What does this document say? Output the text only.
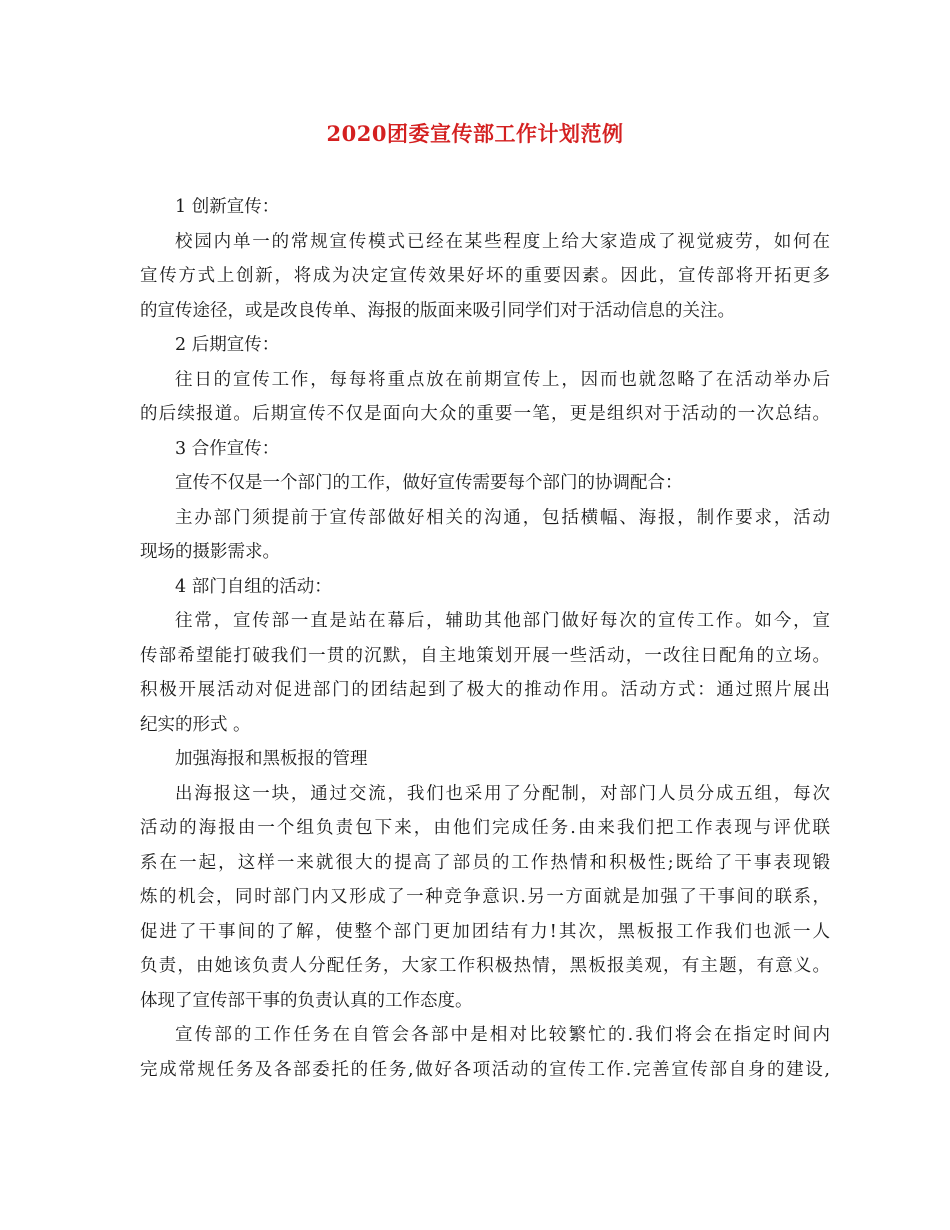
2020团委宣传部工作计划范例
1 创新宣传：
校园内单一的常规宣传模式已经在某些程度上给大家造成了视觉疲劳，如何在
宣传方式上创新，将成为决定宣传效果好坏的重要因素。因此，宣传部将开拓更多
的宣传途径，或是改良传单、海报的版面来吸引同学们对于活动信息的关注。
2 后期宣传：
往日的宣传工作，每每将重点放在前期宣传上，因而也就忽略了在活动举办后
的后续报道。后期宣传不仅是面向大众的重要一笔，更是组织对于活动的一次总结。
3 合作宣传：
宣传不仅是一个部门的工作，做好宣传需要每个部门的协调配合：
主办部门须提前于宣传部做好相关的沟通，包括横幅、海报，制作要求，活动
现场的摄影需求。
4 部门自组的活动：
往常，宣传部一直是站在幕后，辅助其他部门做好每次的宣传工作。如今，宣
传部希望能打破我们一贯的沉默，自主地策划开展一些活动，一改往日配角的立场。
积极开展活动对促进部门的团结起到了极大的推动作用。活动方式：通过照片展出
纪实的形式 。
加强海报和黑板报的管理
出海报这一块，通过交流，我们也采用了分配制，对部门人员分成五组，每次
活动的海报由一个组负责包下来，由他们完成任务.由来我们把工作表现与评优联
系在一起，这样一来就很大的提高了部员的工作热情和积极性;既给了干事表现锻
炼的机会，同时部门内又形成了一种竞争意识.另一方面就是加强了干事间的联系，
促进了干事间的了解，使整个部门更加团结有力!其次，黑板报工作我们也派一人
负责，由她该负责人分配任务，大家工作积极热情，黑板报美观，有主题，有意义。
体现了宣传部干事的负责认真的工作态度。
宣传部的工作任务在自管会各部中是相对比较繁忙的.我们将会在指定时间内
完成常规任务及各部委托的任务,做好各项活动的宣传工作.完善宣传部自身的建设,
